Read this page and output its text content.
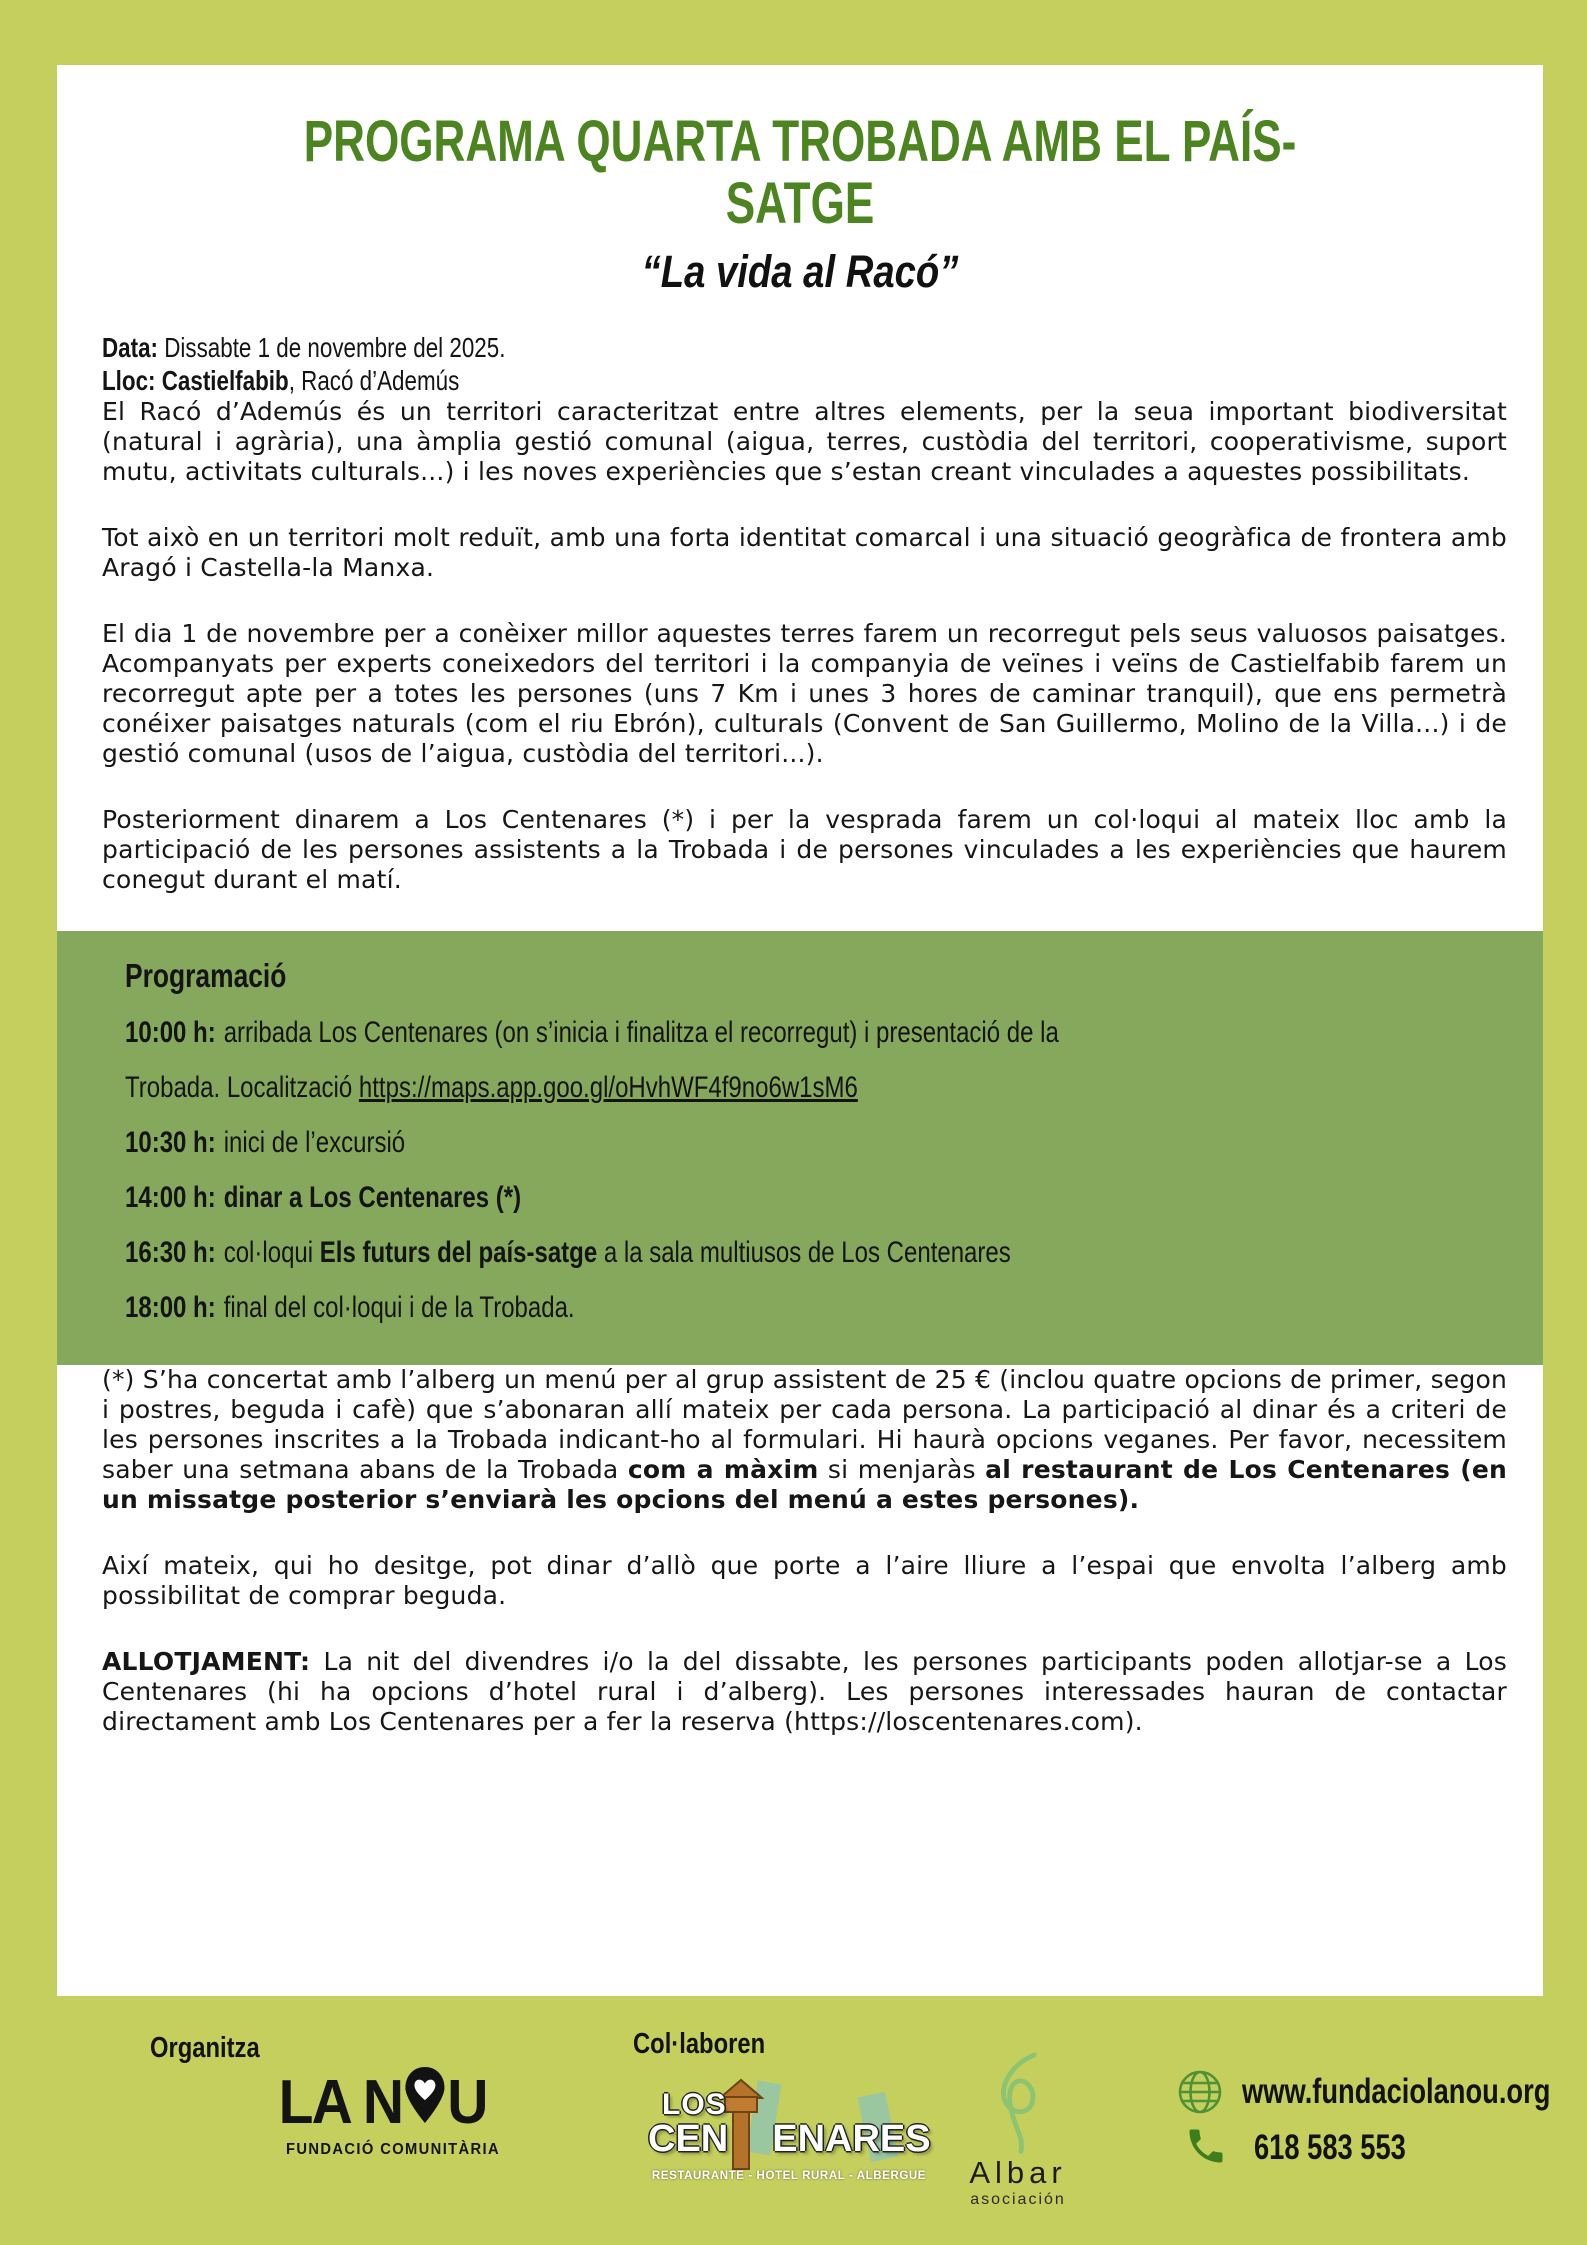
PROGRAMA QUARTA TROBADA AMB EL PAÍS-SATGE
“La vida al Racó”
Data: Dissabte 1 de novembre del 2025.
Lloc: Castielfabib, Racó d’Ademús

El Racó d’Ademús és un territori caracteritzat entre altres elements, per la seua important biodiversitat (natural i agrària), una àmplia gestió comunal (aigua, terres, custòdia del territori, cooperativisme, suport mutu, activitats culturals...) i les noves experiències que s’estan creant vinculades a aquestes possibilitats.

Tot això en un territori molt reduït, amb una forta identitat comarcal i una situació geogràfica de frontera amb Aragó i Castella-la Manxa.

El dia 1 de novembre per a conèixer millor aquestes terres farem un recorregut pels seus valuosos paisatges. Acompanyats per experts coneixedors del territori i la companyia de veïnes i veïns de Castielfabib farem un recorregut apte per a totes les persones (uns 7 Km i unes 3 hores de caminar tranquil), que ens permetrà conéixer paisatges naturals (com el riu Ebrón), culturals (Convent de San Guillermo, Molino de la Villa...) i de gestió comunal (usos de l’aigua, custòdia del territori...).

Posteriorment dinarem a Los Centenares (*) i per la vesprada farem un col·loqui al mateix lloc amb la participació de les persones assistents a la Trobada i de persones vinculades a les experiències que haurem conegut durant el matí.

Programació
10:00 h: arribada Los Centenares (on s’inicia i finalitza el recorregut) i presentació de la
Trobada. Localització https://maps.app.goo.gl/oHvhWF4f9no6w1sM6
10:30 h: inici de l’excursió
14:00 h: dinar a Los Centenares (*)
16:30 h: col·loqui Els futurs del país-satge a la sala multiusos de Los Centenares
18:00 h: final del col·loqui i de la Trobada.

(*) S’ha concertat amb l’alberg un menú per al grup assistent de 25 € (inclou quatre opcions de primer, segon i postres, beguda i cafè) que s’abonaran allí mateix per cada persona. La participació al dinar és a criteri de les persones inscrites a la Trobada indicant-ho al formulari. Hi haurà opcions veganes. Per favor, necessitem saber una setmana abans de la Trobada com a màxim si menjaràs al restaurant de Los Centenares (en un missatge posterior s’enviarà les opcions del menú a estes persones).

Així mateix, qui ho desitge, pot dinar d’allò que porte a l’aire lliure a l’espai que envolta l’alberg amb possibilitat de comprar beguda.

ALLOTJAMENT: La nit del divendres i/o la del dissabte, les persones participants poden allotjar-se a Los Centenares (hi ha opcions d’hotel rural i d’alberg). Les persones interessades hauran de contactar directament amb Los Centenares per a fer la reserva (https://loscentenares.com).

Organitza
LA N U
FUNDACIÓ COMUNITÀRIA
Col·laboren
LOS
CEN ENARES
RESTAURANTE - HOTEL RURAL - ALBERGUE	Albar
asociación
www.fundaciolanou.org
618 583 553
